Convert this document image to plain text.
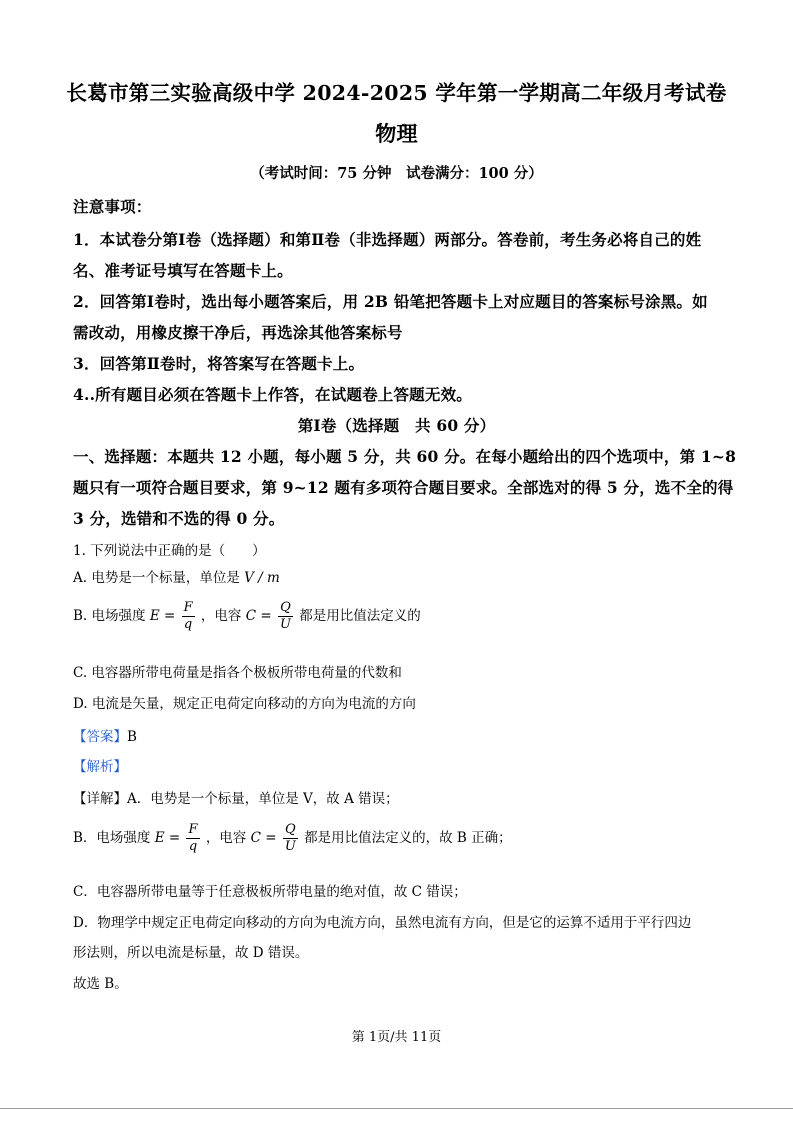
长葛市第三实验高级中学 2024-2025 学年第一学期高二年级月考试卷
物理
（考试时间：75 分钟　试卷满分：100 分）
注意事项：
1．本试卷分第Ⅰ卷（选择题）和第Ⅱ卷（非选择题）两部分。答卷前，考生务必将自己的姓
名、准考证号填写在答题卡上。
2．回答第Ⅰ卷时，选出每小题答案后，用 2B 铅笔把答题卡上对应题目的答案标号涂黑。如
需改动，用橡皮擦干净后，再选涂其他答案标号
3．回答第Ⅱ卷时，将答案写在答题卡上。
4..所有题目必须在答题卡上作答，在试题卷上答题无效。
第Ⅰ卷（选择题　共 60 分）
一、选择题：本题共 12 小题，每小题 5 分，共 60 分。在每小题给出的四个选项中，第 1~8
题只有一项符合题目要求，第 9~12 题有多项符合题目要求。全部选对的得 5 分，选不全的得
3 分，选错和不选的得 0 分。
1. 下列说法中正确的是（　　）
A. 电势是一个标量，单位是 V / m
B. 电场强度 $E = \frac{F}{q}$ ，电容 $C = \frac{Q}{U}$ 都是用比值法定义的
C. 电容器所带电荷量是指各个极板所带电荷量的代数和
D. 电流是矢量，规定正电荷定向移动的方向为电流的方向
【答案】B
【解析】
【详解】A．电势是一个标量，单位是 V，故 A 错误；
B．电场强度 $E = \frac{F}{q}$ ，电容 $C = \frac{Q}{U}$ 都是用比值法定义的，故 B 正确；
C．电容器所带电量等于任意极板所带电量的绝对值，故 C 错误；
D．物理学中规定正电荷定向移动的方向为电流方向，虽然电流有方向，但是它的运算不适用于平行四边
形法则，所以电流是标量，故 D 错误。
故选 B。
第 1页/共 11页
